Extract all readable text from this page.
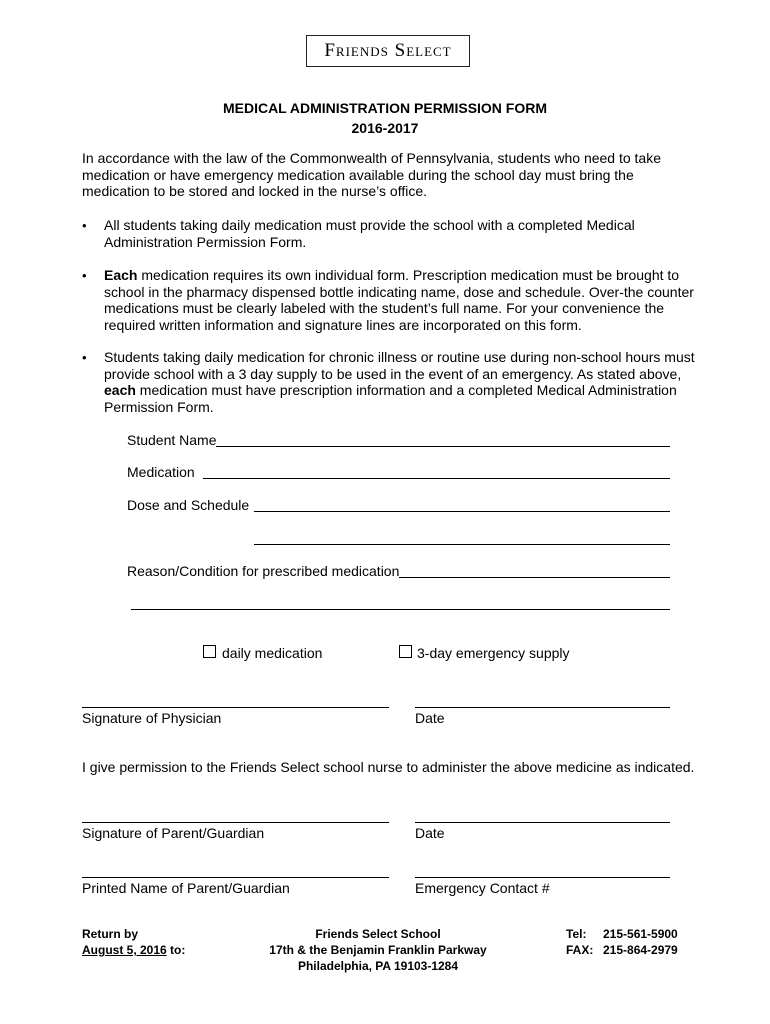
Friends Select
MEDICAL ADMINISTRATION PERMISSION FORM
2016-2017
In accordance with the law of the Commonwealth of Pennsylvania, students who need to take medication or have emergency medication available during the school day must bring the medication to be stored and locked in the nurse’s office.
• All students taking daily medication must provide the school with a completed Medical Administration Permission Form.
• Each medication requires its own individual form. Prescription medication must be brought to school in the pharmacy dispensed bottle indicating name, dose and schedule. Over-the counter medications must be clearly labeled with the student’s full name. For your convenience the required written information and signature lines are incorporated on this form.
• Students taking daily medication for chronic illness or routine use during non-school hours must provide school with a 3 day supply to be used in the event of an emergency. As stated above, each medication must have prescription information and a completed Medical Administration Permission Form.
Student Name
Medication
Dose and Schedule
Reason/Condition for prescribed medication
daily medication	3-day emergency supply
Signature of Physician	Date
I give permission to the Friends Select school nurse to administer the above medicine as indicated.
Signature of Parent/Guardian	Date
Printed Name of Parent/Guardian	Emergency Contact #
Return by
August 5, 2016 to:
Friends Select School
17th & the Benjamin Franklin Parkway
Philadelphia, PA 19103-1284
Tel: 215-561-5900
FAX: 215-864-2979
